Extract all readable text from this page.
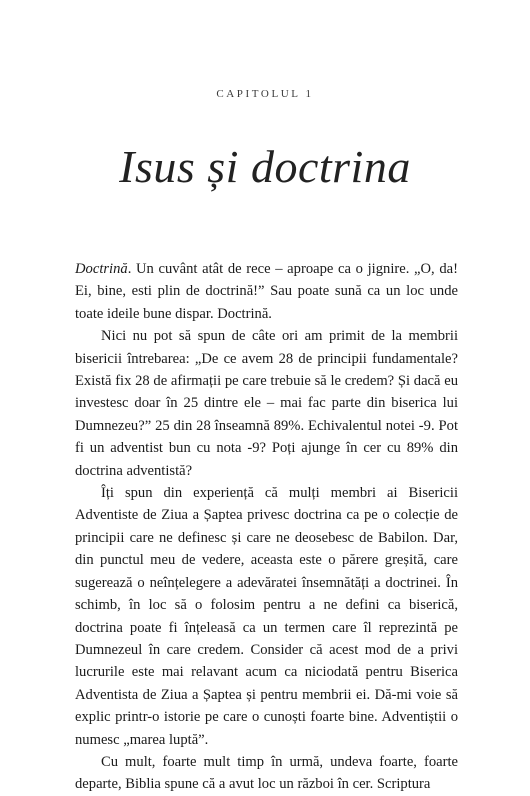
CAPITOLUL 1
Isus și doctrina

Doctrină. Un cuvânt atât de rece – aproape ca o jignire. „O, da! Ei, bine, esti plin de doctrină!” Sau poate sună ca un loc unde toate ideile bune dispar. Doctrină.

Nici nu pot să spun de câte ori am primit de la membrii bisericii întrebarea: „De ce avem 28 de principii fundamentale? Există fix 28 de afirmații pe care trebuie să le credem? Și dacă eu investesc doar în 25 dintre ele – mai fac parte din biserica lui Dumnezeu?” 25 din 28 înseamnă 89%. Echivalentul notei -9. Pot fi un adventist bun cu nota -9? Poți ajunge în cer cu 89% din doctrina adventistă?

Îți spun din experiență că mulți membri ai Bisericii Adventiste de Ziua a Șaptea privesc doctrina ca pe o colecție de principii care ne definesc și care ne deosebesc de Babilon. Dar, din punctul meu de vedere, aceasta este o părere greșită, care sugerează o neînțelegere a adevăratei însemnătăți a doctrinei. În schimb, în loc să o folosim pentru a ne defini ca biserică, doctrina poate fi înțeleasă ca un termen care îl reprezintă pe Dumnezeul în care credem. Consider că acest mod de a privi lucrurile este mai relavant acum ca niciodată pentru Biserica Adventista de Ziua a Șaptea și pentru membrii ei. Dă-mi voie să explic printr-o istorie pe care o cunoști foarte bine. Adventiștii o numesc „marea luptă”.

Cu mult, foarte mult timp în urmă, undeva foarte, foarte departe, Biblia spune că a avut loc un război în cer. Scriptura
